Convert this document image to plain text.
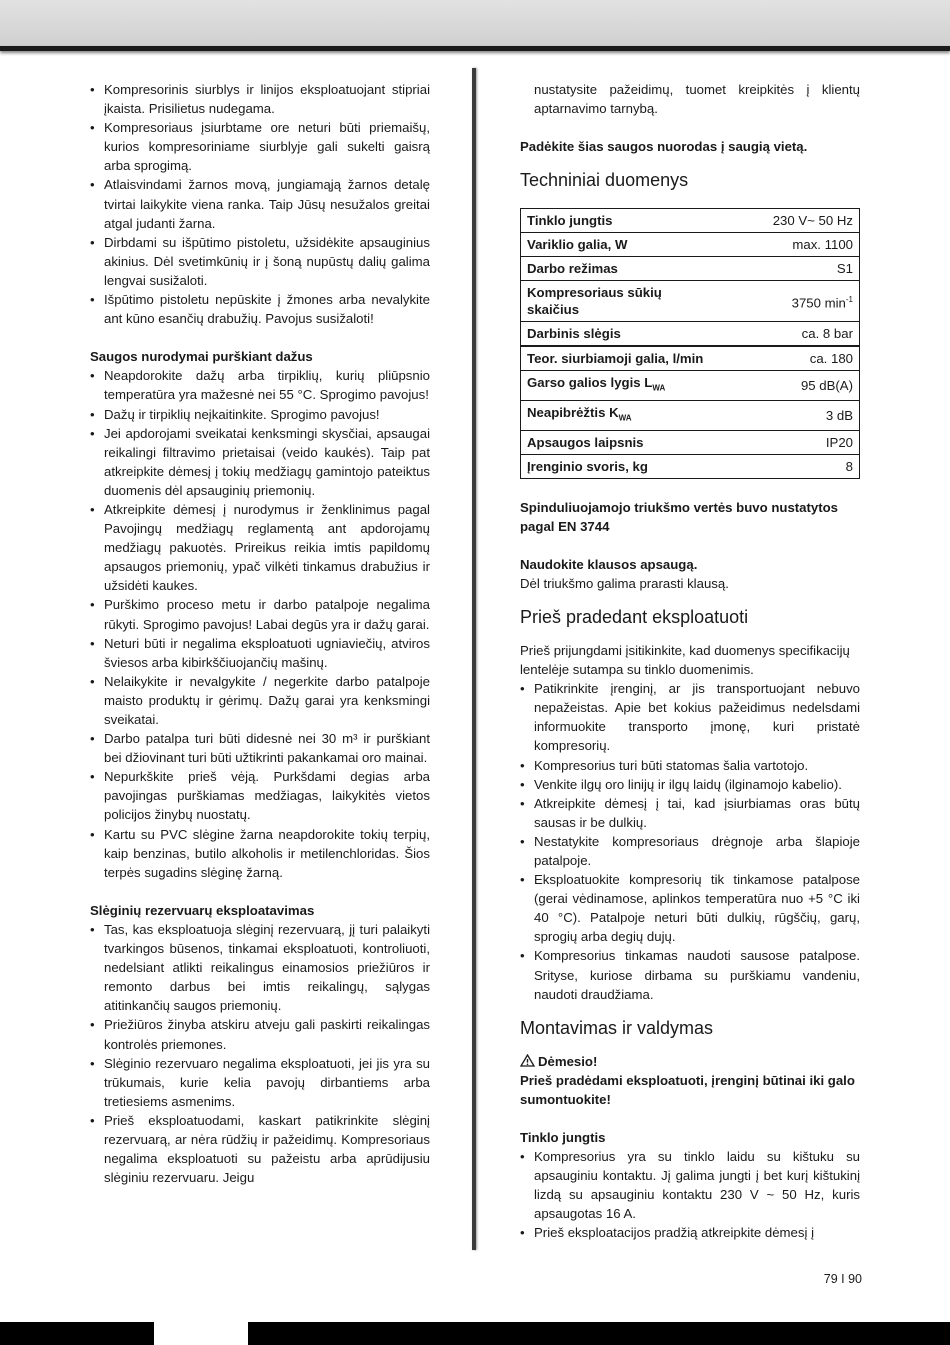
• Kompresorinis siurblys ir linijos eksploatuojant stipriai įkaista. Prisilietus nudegama.
• Kompresoriaus įsiurbtame ore neturi būti priemaišų, kurios kompresoriniame siurblyje gali sukelti gaisrą arba sprogimą.
• Atlaisvindami žarnos movą, jungiamąją žarnos detalę tvirtai laikykite viena ranka. Taip Jūsų nesužalos greitai atgal judanti žarna.
• Dirbdami su išpūtimo pistoletu, užsidėkite apsauginius akinius. Dėl svetimkūnių ir į šoną nupūstų dalių galima lengvai susižaloti.
• Išpūtimo pistoletu nepūskite į žmones arba nevalykite ant kūno esančių drabužių. Pavojus susižaloti!

Saugos nurodymai purškiant dažus

• Neapdorokite dažų arba tirpiklių, kurių pliūpsnio temperatūra yra mažesnė nei 55 °C. Sprogimo pavojus!
• Dažų ir tirpiklių neįkaitinkite. Sprogimo pavojus!
• Jei apdorojami sveikatai kenksmingi skysčiai, apsaugai reikalingi filtravimo prietaisai (veido kaukės). Taip pat atkreipkite dėmesį į tokių medžiagų gamintojo pateiktus duomenis dėl apsauginių priemonių.
• Atkreipkite dėmesį į nurodymus ir ženklinimus pagal Pavojingų medžiagų reglamentą ant apdorojamų medžiagų pakuotės. Prireikus reikia imtis papildomų apsaugos priemonių, ypač vilkėti tinkamus drabužius ir užsidėti kaukes.
• Purškimo proceso metu ir darbo patalpoje negalima rūkyti. Sprogimo pavojus! Labai degūs yra ir dažų garai.
• Neturi būti ir negalima eksploatuoti ugniaviečių, atviros šviesos arba kibirkščiuojančių mašinų.
• Nelaikykite ir nevalgykite / negerkite darbo patalpoje maisto produktų ir gėrimų. Dažų garai yra kenksmingi sveikatai.
• Darbo patalpa turi būti didesnė nei 30 m³ ir purškiant bei džiovinant turi būti užtikrinti pakankamai oro mainai.
• Nepurkškite prieš vėją. Purkšdami degias arba pavojingas purškiamas medžiagas, laikykitės vietos policijos žinybų nuostatų.
• Kartu su PVC slėgine žarna neapdorokite tokių terpių, kaip benzinas, butilo alkoholis ir metilenchloridas. Šios terpės sugadins slėginę žarną.

Slėginių rezervuarų eksploatavimas

• Tas, kas eksploatuoja slėginį rezervuarą, jį turi palaikyti tvarkingos būsenos, tinkamai eksploatuoti, kontroliuoti, nedelsiant atlikti reikalingus einamosios priežiūros ir remonto darbus bei imtis reikalingų, sąlygas atitinkančių saugos priemonių.
• Priežiūros žinyba atskiru atveju gali paskirti reikalingas kontrolės priemones.
• Slėginio rezervuaro negalima eksploatuoti, jei jis yra su trūkumais, kurie kelia pavojų dirbantiems arba tretiesiems asmenims.
• Prieš eksploatuodami, kaskart patikrinkite slėginį rezervuarą, ar nėra rūdžių ir pažeidimų. Kompresoriaus negalima eksploatuoti su pažeistu arba aprūdijusiu slėginiu rezervuaru. Jeigu

nustatysite pažeidimų, tuomet kreipkitės į klientų aptarnavimo tarnybą.

Padėkite šias saugos nuorodas į saugią vietą.

Techniniai duomenys
Tinklo jungtis	230 V~ 50 Hz
Variklio galia, W	max. 1100
Darbo režimas	S1
Kompresoriaus sūkių skaičius	3750 $\min^{-1}$
Darbinis slėgis	ca. 8 bar
Teor. siurbiamoji galia, l/min	ca. 180
Garso galios lygis $L_{WA}$	95 dB(A)
Neapibrėžtis $K_{WA}$	3 dB
Apsaugos laipsnis	IP20
Įrenginio svoris, kg	8

Spinduliuojamojo triukšmo vertės buvo nustatytos pagal EN 3744

Naudokite klausos apsaugą.

Dėl triukšmo galima prarasti klausą.

Prieš pradedant eksploatuoti

Prieš prijungdami įsitikinkite, kad duomenys specifikacijų lentelėje sutampa su tinklo duomenimis.

• Patikrinkite įrenginį, ar jis transportuojant nebuvo nepažeistas. Apie bet kokius pažeidimus nedelsdami informuokite transporto įmonę, kuri pristatė kompresorių.
• Kompresorius turi būti statomas šalia vartotojo.
• Venkite ilgų oro linijų ir ilgų laidų (ilginamojo kabelio).
• Atkreipkite dėmesį į tai, kad įsiurbiamas oras būtų sausas ir be dulkių.
• Nestatykite kompresoriaus drėgnoje arba šlapioje patalpoje.
• Eksploatuokite kompresorių tik tinkamose patalpose (gerai vėdinamose, aplinkos temperatūra nuo +5 °C iki 40 °C). Patalpoje neturi būti dulkių, rūgščių, garų, sprogių arba degių dujų.
• Kompresorius tinkamas naudoti sausose patalpose. Srityse, kuriose dirbama su purškiamu vandeniu, naudoti draudžiama.
Montavimas ir valdymas

Dėmesio!

Prieš pradėdami eksploatuoti, įrenginį būtinai iki galo sumontuokite!

Tinklo jungtis

• Kompresorius yra su tinklo laidu su kištuku su apsauginiu kontaktu. Jį galima jungti į bet kurį kištukinį lizdą su apsauginiu kontaktu 230 V ~ 50 Hz, kuris apsaugotas 16 A.
• Prieš eksploatacijos pradžią atkreipkite dėmesį į
79 I 90
